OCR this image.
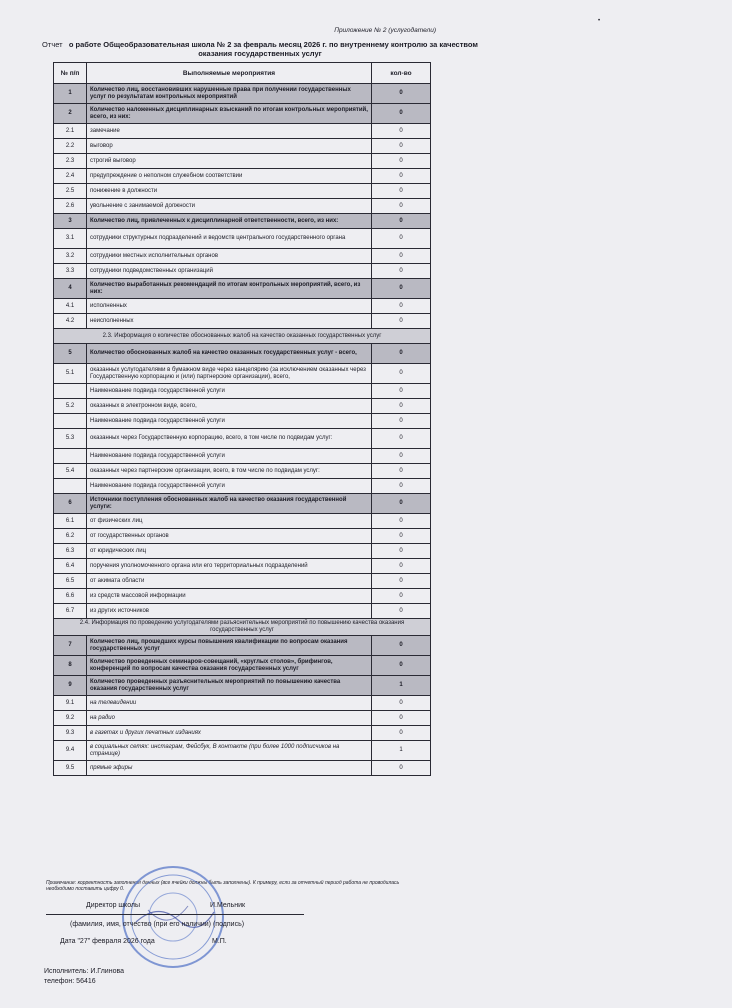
•
Приложение № 2 (услугодатели)
Отчет о работе Общеобразовательная школа № 2 за февраль месяц 2026 г. по внутреннему контролю за качеством
оказания государственных услуг
№ п/п	Выполняемые мероприятия	кол-во
1	Количество лиц, восстановивших нарушенные права при получении государственных услуг по результатам контрольных мероприятий	0
2	Количество наложенных дисциплинарных взысканий по итогам контрольных мероприятий, всего, из них:	0
2.1	замечание	0
2.2	выговор	0
2.3	строгий выговор	0
2.4	предупреждение о неполном служебном соответствии	0
2.5	понижение в должности	0
2.6	увольнение с занимаемой должности	0
3	Количество лиц, привлеченных к дисциплинарной ответственности, всего, из них:	0
3.1	сотрудники структурных подразделений и ведомств центрального государственного органа	0
3.2	сотрудники местных исполнительных органов	0
3.3	сотрудники подведомственных организаций	0
4	Количество выработанных рекомендаций по итогам контрольных мероприятий, всего, из них:	0
4.1	исполненных	0
4.2	неисполненных	0
2.3. Информация о количестве обоснованных жалоб на качество оказанных государственных услуг		
5	Количество обоснованных жалоб на качество оказанных государственных услуг - всего,	0
5.1	оказанных услугодателями в бумажном виде через канцелярию (за исключением оказанных через Государственную корпорацию и (или) партнерские организации), всего,	0
	Наименование подвида государственной услуги	0
5.2	оказанных в электронном виде, всего,	0
	Наименование подвида государственной услуги	0
5.3	оказанных через Государственную корпорацию, всего, в том числе по подвидам услуг:	0
	Наименование подвида государственной услуги	0
5.4	оказанных через партнерские организации, всего, в том числе по подвидам услуг:	0
	Наименование подвида государственной услуги	0
6	Источники поступления обоснованных жалоб на качество оказания государственной услуги:	0
6.1	от физических лиц	0
6.2	от государственных органов	0
6.3	от юридических лиц	0
6.4	поручения уполномоченного органа или его территориальных подразделений	0
6.5	от акимата области	0
6.6	из средств массовой информации	0
6.7	из других источников	0
2.4. Информация по проведению услугодателями разъяснительных мероприятий по повышению качества оказания государственных услуг		
7	Количество лиц, прошедших курсы повышения квалификации по вопросам оказания государственных услуг	0
8	Количество проведенных семинаров-совещаний, «круглых столов», брифингов, конференций по вопросам качества оказания государственных услуг	0
9	Количество проведенных разъяснительных мероприятий по повышению качества оказания государственных услуг	1
9.1	на телевидении	0
9.2	на радио	0
9.3	в газетах и других печатных изданиях	0
9.4	в социальных сетях: инстаграм, Фейсбук, В контакте (при более 1000 подписчиков на странице)	1
9.5	прямые эфиры	0
Примечание: корректность заполнения данных (все ячейки должны быть заполнены). К примеру, если за отчетный период работа не проводилась необходимо поставить цифру 0.
Директор школы	И.Мельник
(фамилия, имя, отчество (при его наличии) (подпись)
Дата "27" февраля 2026 года	М.П.
Исполнитель: И.Глинова
телефон: 56416
